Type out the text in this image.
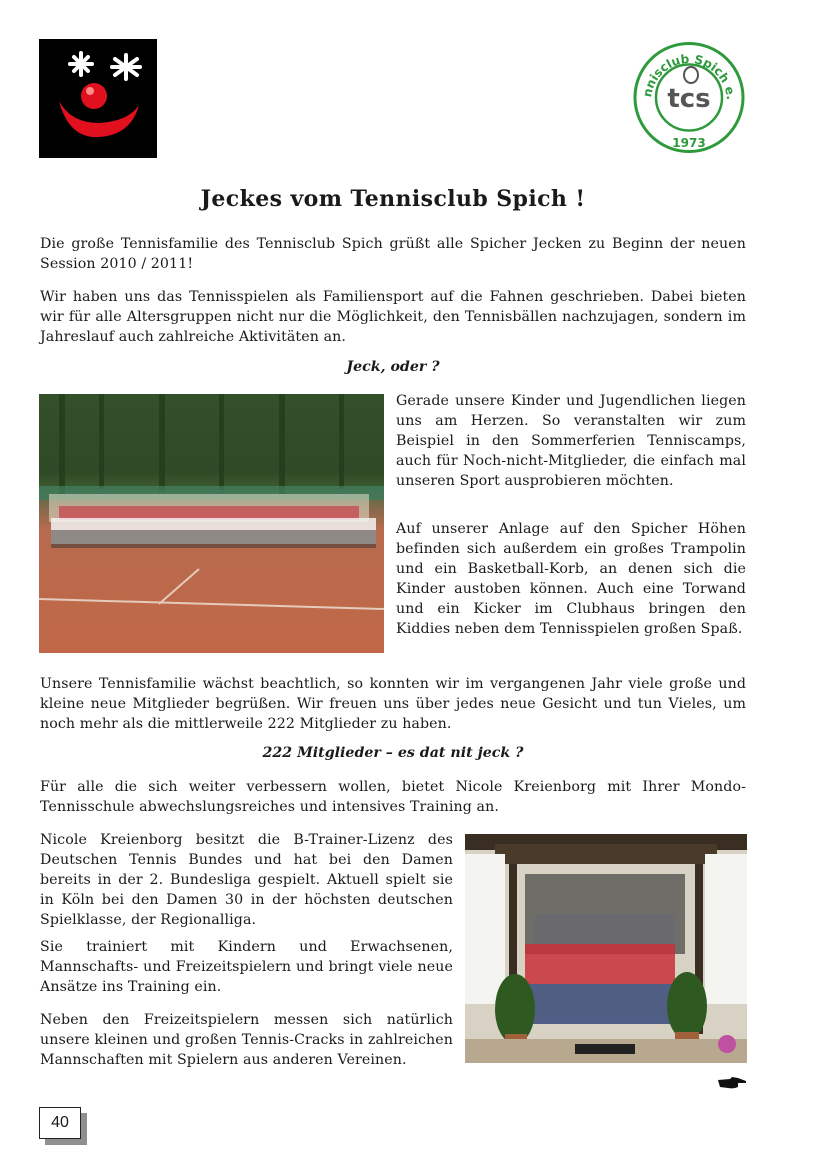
nnisclub Spich e.
tcs
1973
Jeckes vom Tennisclub Spich !

Die große Tennisfamilie des Tennisclub Spich grüßt alle Spicher Jecken zu Beginn der neuen Session 2010 / 2011!

Wir haben uns das Tennisspielen als Familiensport auf die Fahnen geschrieben. Dabei bieten wir für alle Altersgruppen nicht nur die Möglichkeit, den Tennisbällen nachzujagen, sondern im Jahreslauf auch zahlreiche Aktivitäten an.

Jeck, oder ?

Gerade unsere Kinder und Jugendlichen liegen uns am Herzen. So veranstalten wir zum Beispiel in den Sommerferien Tenniscamps, auch für Noch-nicht-Mitglieder, die einfach mal unseren Sport ausprobieren möchten.

Auf unserer Anlage auf den Spicher Höhen befinden sich außerdem ein großes Trampolin und ein Basketball-Korb, an denen sich die Kinder austoben können. Auch eine Torwand und ein Kicker im Clubhaus bringen den Kiddies neben dem Tennisspielen großen Spaß.

Unsere Tennisfamilie wächst beachtlich, so konnten wir im vergangenen Jahr viele große und kleine neue Mitglieder begrüßen. Wir freuen uns über jedes neue Gesicht und tun Vieles, um noch mehr als die mittlerweile 222 Mitglieder zu haben.

222 Mitglieder – es dat nit jeck ?

Für alle die sich weiter verbessern wollen, bietet Nicole Kreienborg mit Ihrer Mondo-Tennisschule abwechslungsreiches und intensives Training an.

Nicole Kreienborg besitzt die B-Trainer-Lizenz des Deutschen Tennis Bundes und hat bei den Damen bereits in der 2. Bundesliga gespielt. Aktuell spielt sie in Köln bei den Damen 30 in der höchsten deutschen Spielklasse, der Regionalliga.

Sie trainiert mit Kindern und Erwachsenen, Mannschafts- und Freizeitspielern und bringt viele neue Ansätze ins Training ein.

Neben den Freizeitspielern messen sich natürlich unsere kleinen und großen Tennis-Cracks in zahlreichen Mannschaften mit Spielern aus anderen Vereinen.

40
